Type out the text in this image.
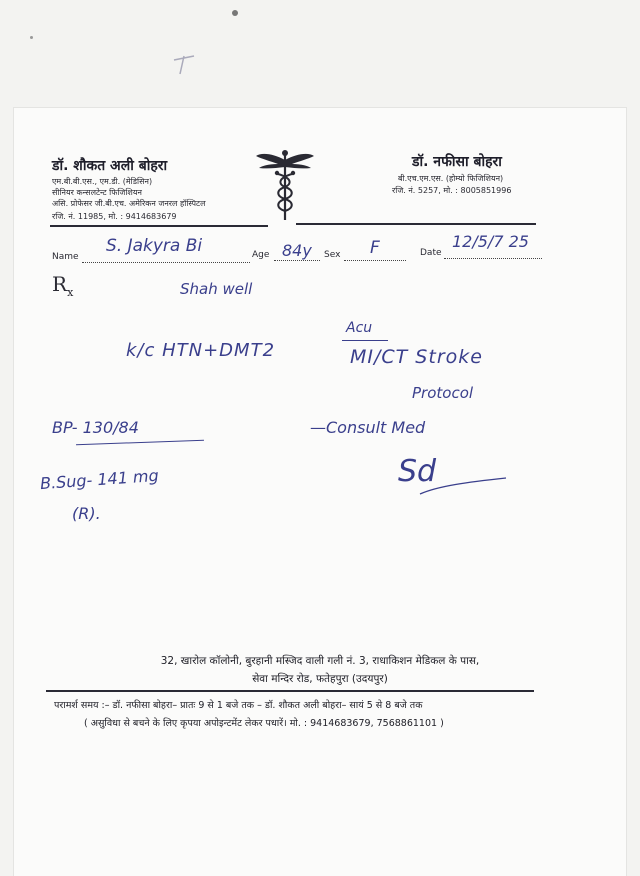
डॉ. शौकत अली बोहरा
एम.बी.बी.एस., एम.डी. (मेडिसिन)
सीनियर कन्सलटेन्ट फिजिशियन
असि. प्रोफेसर जी.बी.एच. अमेरिकन जनरल हॉस्पिटल
रजि. नं. 11985, मो. : 9414683679
डॉ. नफीसा बोहरा
बी.एच.एम.एस. (होम्यो फिजिशियन)
रजि. नं. 5257, मो. : 8005851996
Name
S. Jakyra Bi	Age 84y Sex F	Date
12/5/7 25
$R_x$	Shah well
k/c HTN+DMT2
Acu
MI/CT Stroke
Protocol
BP- 130/84	—Consult Med
B.Sug- 141 mg
(R).
Sd
32, खारोल कॉलोनी, बुरहानी मस्जिद वाली गली नं. 3, राधाकिशन मेडिकल के पास,
सेवा मन्दिर रोड, फतेहपुरा (उदयपुर)
परामर्श समय :– डॉ. नफीसा बोहरा– प्रातः 9 से 1 बजे तक – डॉ. शौकत अली बोहरा– सायं 5 से 8 बजे तक
( असुविधा से बचने के लिए कृपया अपोइन्टमेंट लेकर पधारें। मो. : 9414683679, 7568861101 )
